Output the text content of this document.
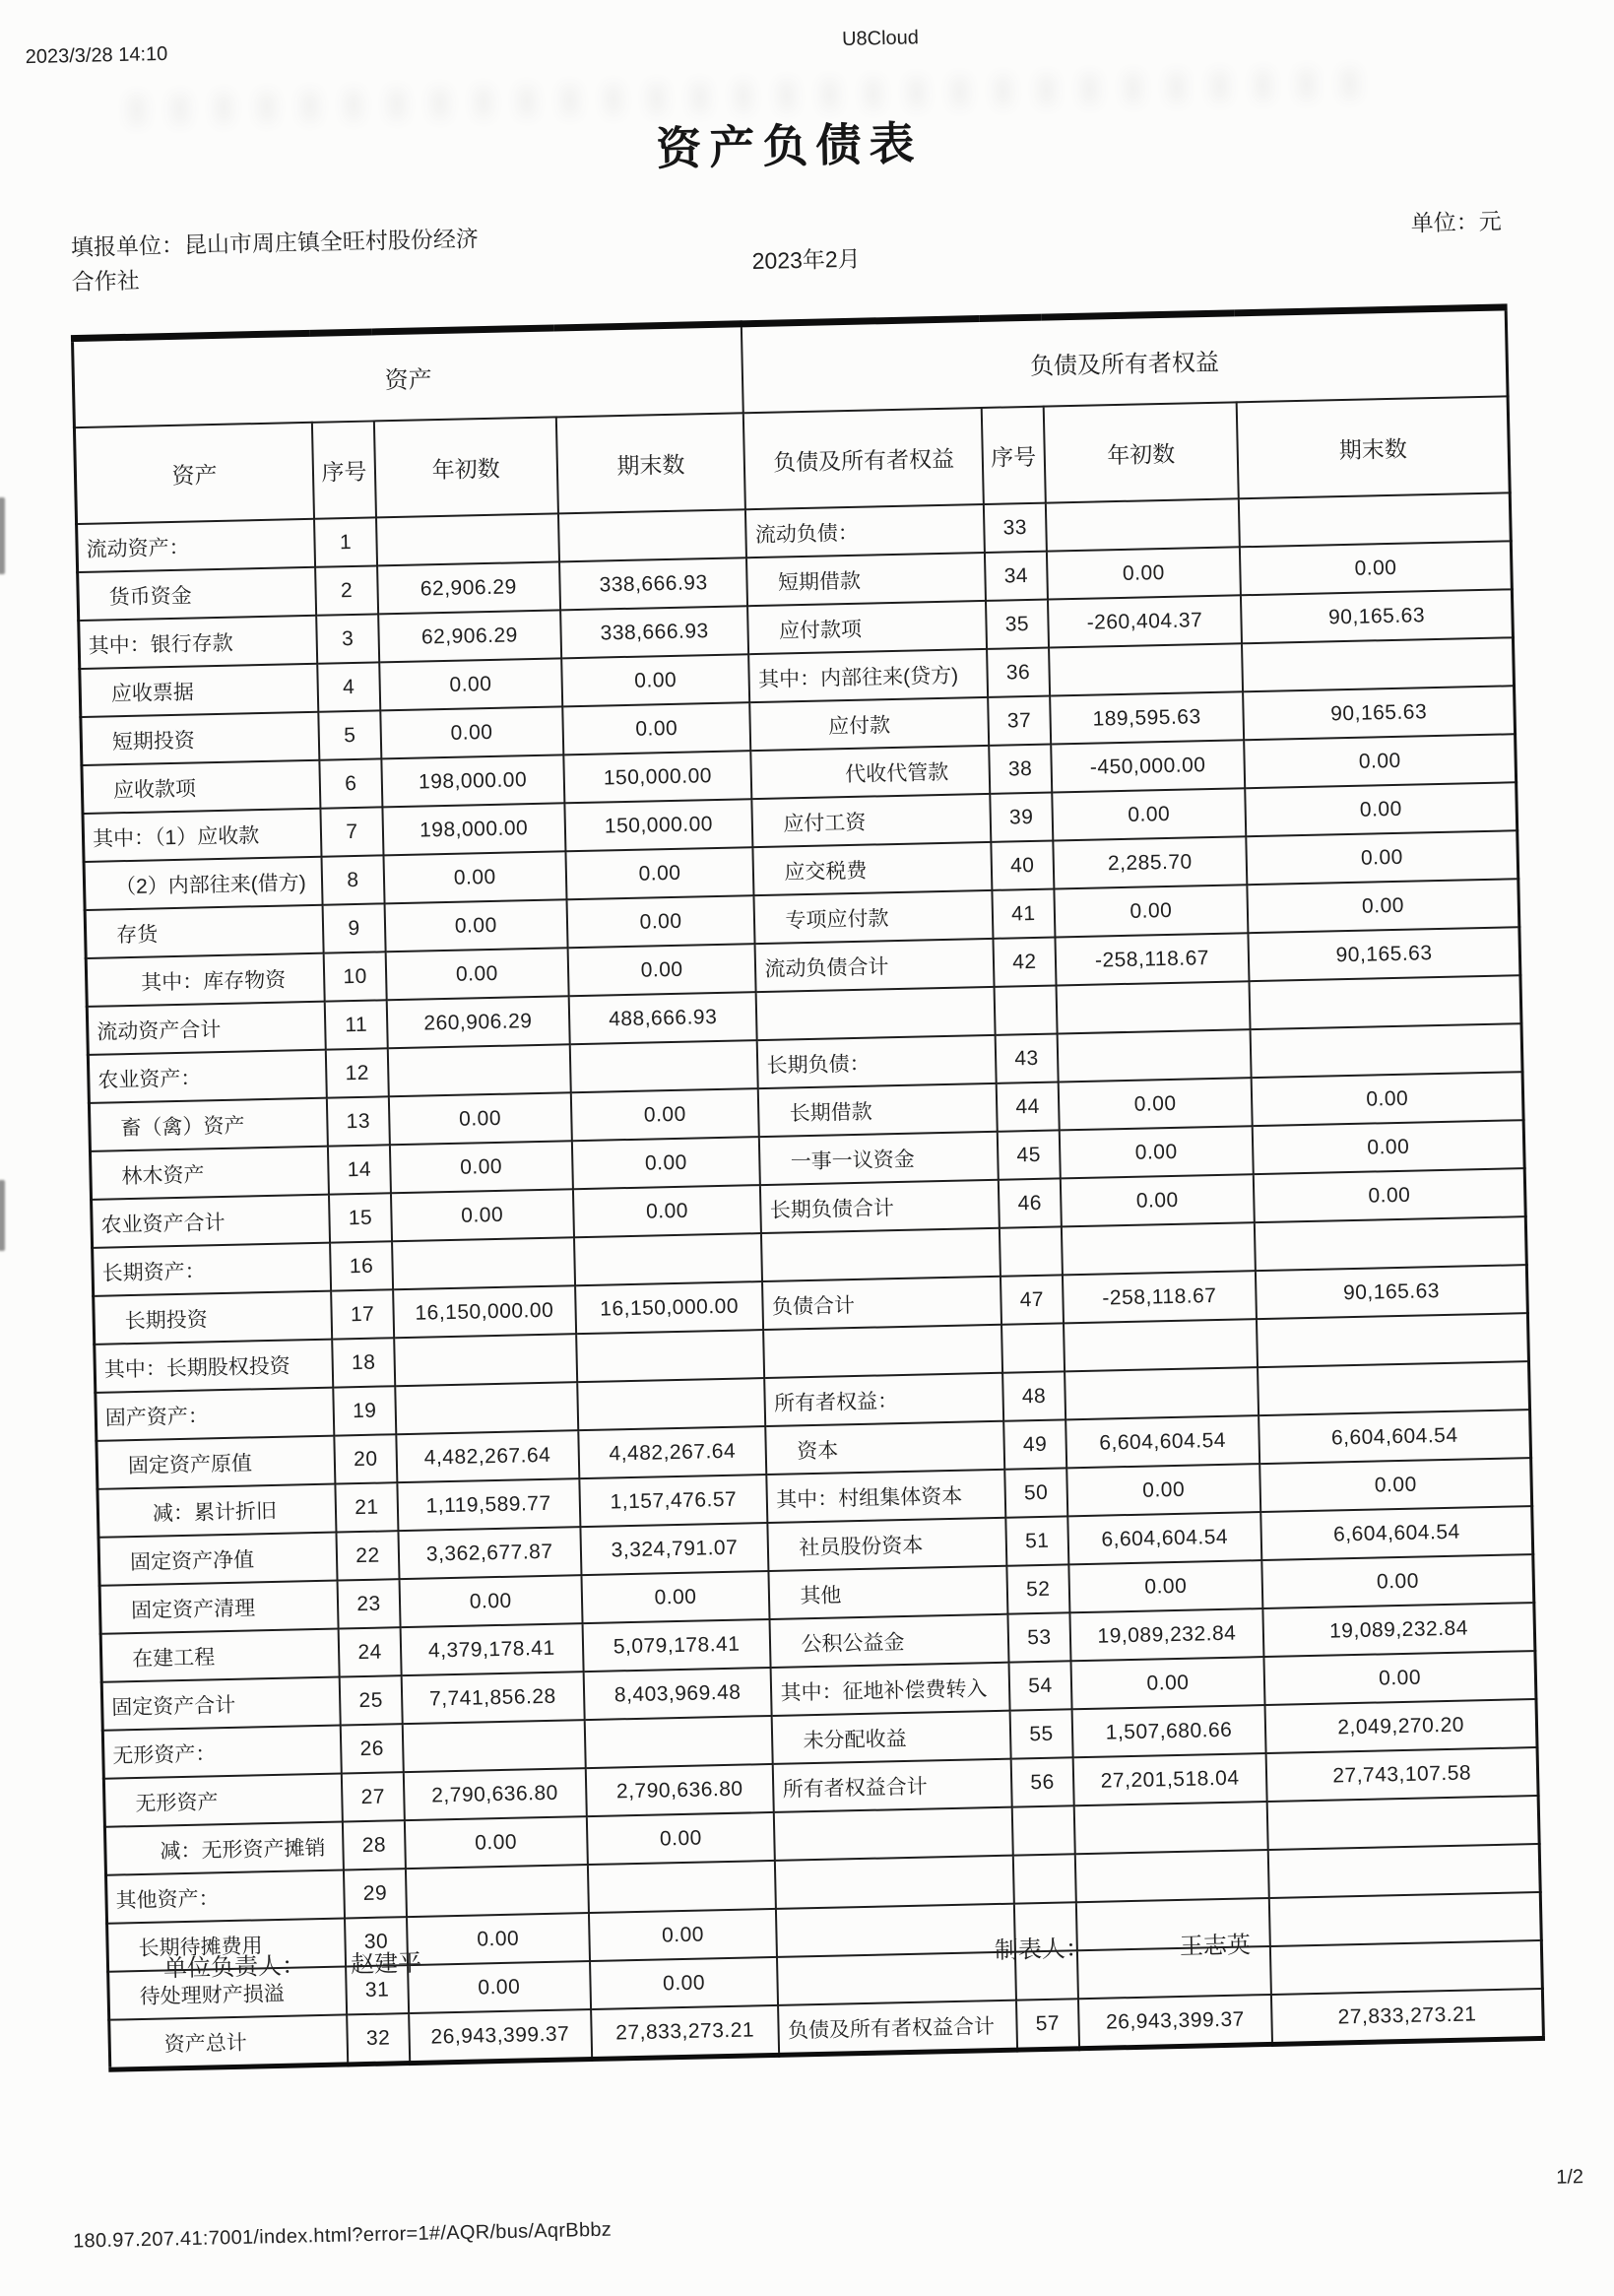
2023/3/28 14:10
U8Cloud
资产负债表
填报单位：昆山市周庄镇全旺村股份经济合作社
2023年2月
单位：元
资产				负债及所有者权益			
资产	序号	年初数	期末数	负债及所有者权益	序号	年初数	期末数
流动资产：	1			流动负债：	33		
货币资金	2	62,906.29	338,666.93	短期借款	34	0.00	0.00
其中：银行存款	3	62,906.29	338,666.93	应付款项	35	-260,404.37	90,165.63
应收票据	4	0.00	0.00	其中：内部往来(贷方)	36		
短期投资	5	0.00	0.00	应付款	37	189,595.63	90,165.63
应收款项	6	198,000.00	150,000.00	代收代管款	38	-450,000.00	0.00
其中：（1）应收款	7	198,000.00	150,000.00	应付工资	39	0.00	0.00
（2）内部往来(借方)	8	0.00	0.00	应交税费	40	2,285.70	0.00
存货	9	0.00	0.00	专项应付款	41	0.00	0.00
其中：库存物资	10	0.00	0.00	流动负债合计	42	-258,118.67	90,165.63
流动资产合计	11	260,906.29	488,666.93				
农业资产：	12			长期负债：	43		
畜（禽）资产	13	0.00	0.00	长期借款	44	0.00	0.00
林木资产	14	0.00	0.00	一事一议资金	45	0.00	0.00
农业资产合计	15	0.00	0.00	长期负债合计	46	0.00	0.00
长期资产：	16						
长期投资	17	16,150,000.00	16,150,000.00	负债合计	47	-258,118.67	90,165.63
其中：长期股权投资	18						
固产资产：	19			所有者权益：	48		
固定资产原值	20	4,482,267.64	4,482,267.64	资本	49	6,604,604.54	6,604,604.54
减：累计折旧	21	1,119,589.77	1,157,476.57	其中：村组集体资本	50	0.00	0.00
固定资产净值	22	3,362,677.87	3,324,791.07	社员股份资本	51	6,604,604.54	6,604,604.54
固定资产清理	23	0.00	0.00	其他	52	0.00	0.00
在建工程	24	4,379,178.41	5,079,178.41	公积公益金	53	19,089,232.84	19,089,232.84
固定资产合计	25	7,741,856.28	8,403,969.48	其中：征地补偿费转入	54	0.00	0.00
无形资产：	26			未分配收益	55	1,507,680.66	2,049,270.20
无形资产	27	2,790,636.80	2,790,636.80	所有者权益合计	56	27,201,518.04	27,743,107.58
减：无形资产摊销	28	0.00	0.00				
其他资产：	29						
长期待摊费用	30	0.00	0.00				
待处理财产损溢	31	0.00	0.00				
资产总计	32	26,943,399.37	27,833,273.21	负债及所有者权益合计	57	26,943,399.37	27,833,273.21
单位负责人： 赵建平	制表人：	王志英
180.97.207.41:7001/index.html?error=1#/AQR/bus/AqrBbbz
1/2
